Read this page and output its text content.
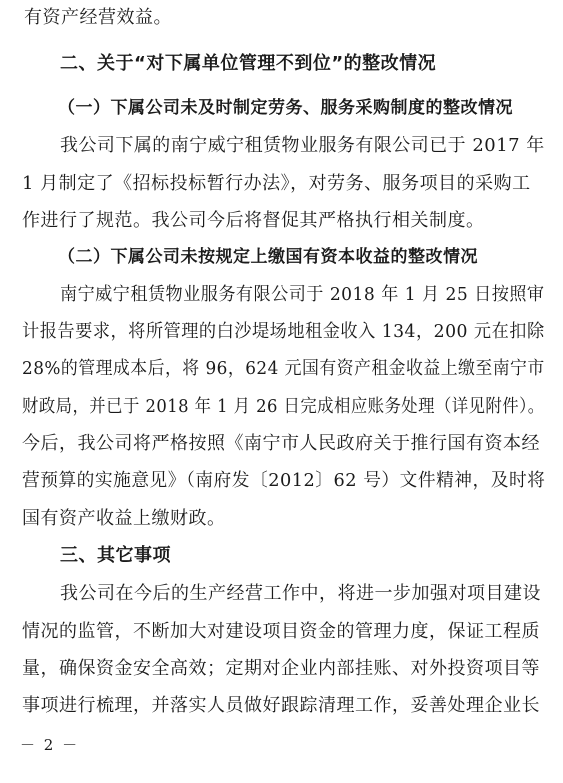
有资产经营效益。
二、关于“对下属单位管理不到位”的整改情况
（一）下属公司未及时制定劳务、服务采购制度的整改情况
我公司下属的南宁威宁租赁物业服务有限公司已于 2017 年
1 月制定了《招标投标暂行办法》，对劳务、服务项目的采购工
作进行了规范。我公司今后将督促其严格执行相关制度。
（二）下属公司未按规定上缴国有资本收益的整改情况
南宁威宁租赁物业服务有限公司于 2018 年 1 月 25 日按照审
计报告要求，将所管理的白沙堤场地租金收入 134，200 元在扣除
28%的管理成本后，将 96，624 元国有资产租金收益上缴至南宁市
财政局，并已于 2018 年 1 月 26 日完成相应账务处理（详见附件）。
今后，我公司将严格按照《南宁市人民政府关于推行国有资本经
营预算的实施意见》（南府发〔2012〕62 号）文件精神，及时将
国有资产收益上缴财政。
三、其它事项
我公司在今后的生产经营工作中，将进一步加强对项目建设
情况的监管，不断加大对建设项目资金的管理力度，保证工程质
量，确保资金安全高效；定期对企业内部挂账、对外投资项目等
事项进行梳理，并落实人员做好跟踪清理工作，妥善处理企业长
－ 2 －
